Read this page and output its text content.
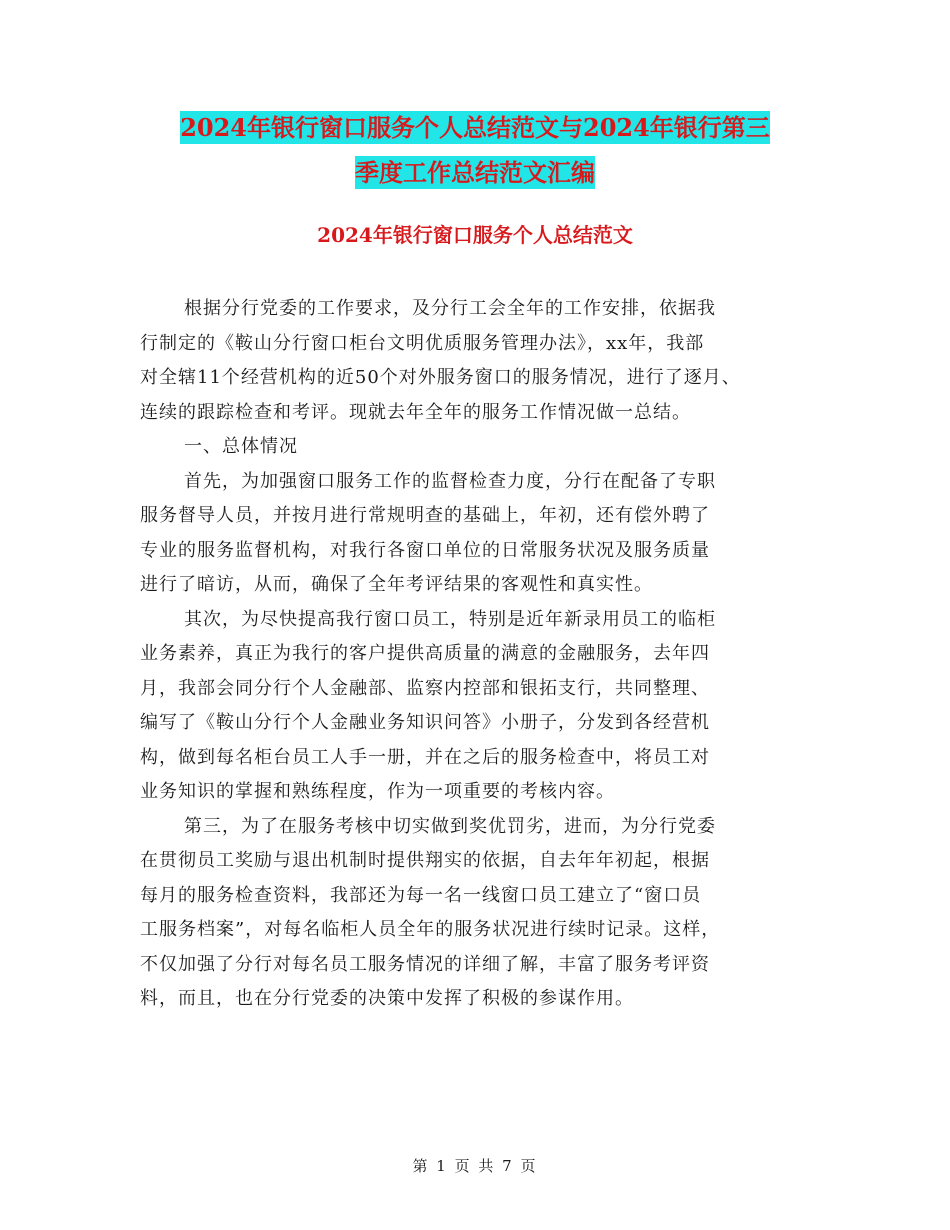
2024年银行窗口服务个人总结范文与2024年银行第三
季度工作总结范文汇编
2024年银行窗口服务个人总结范文
根据分行党委的工作要求，及分行工会全年的工作安排，依据我
行制定的《鞍山分行窗口柜台文明优质服务管理办法》，xx年，我部
对全辖11个经营机构的近50个对外服务窗口的服务情况，进行了逐月、
连续的跟踪检查和考评。现就去年全年的服务工作情况做一总结。
一、总体情况
首先，为加强窗口服务工作的监督检查力度，分行在配备了专职
服务督导人员，并按月进行常规明查的基础上，年初，还有偿外聘了
专业的服务监督机构，对我行各窗口单位的日常服务状况及服务质量
进行了暗访，从而，确保了全年考评结果的客观性和真实性。
其次，为尽快提高我行窗口员工，特别是近年新录用员工的临柜
业务素养，真正为我行的客户提供高质量的满意的金融服务，去年四
月，我部会同分行个人金融部、监察内控部和银拓支行，共同整理、
编写了《鞍山分行个人金融业务知识问答》小册子，分发到各经营机
构，做到每名柜台员工人手一册，并在之后的服务检查中，将员工对
业务知识的掌握和熟练程度，作为一项重要的考核内容。
第三，为了在服务考核中切实做到奖优罚劣，进而，为分行党委
在贯彻员工奖励与退出机制时提供翔实的依据，自去年年初起，根据
每月的服务检查资料，我部还为每一名一线窗口员工建立了“窗口员
工服务档案”，对每名临柜人员全年的服务状况进行续时记录。这样，
不仅加强了分行对每名员工服务情况的详细了解，丰富了服务考评资
料，而且，也在分行党委的决策中发挥了积极的参谋作用。
第 1 页 共 7 页
